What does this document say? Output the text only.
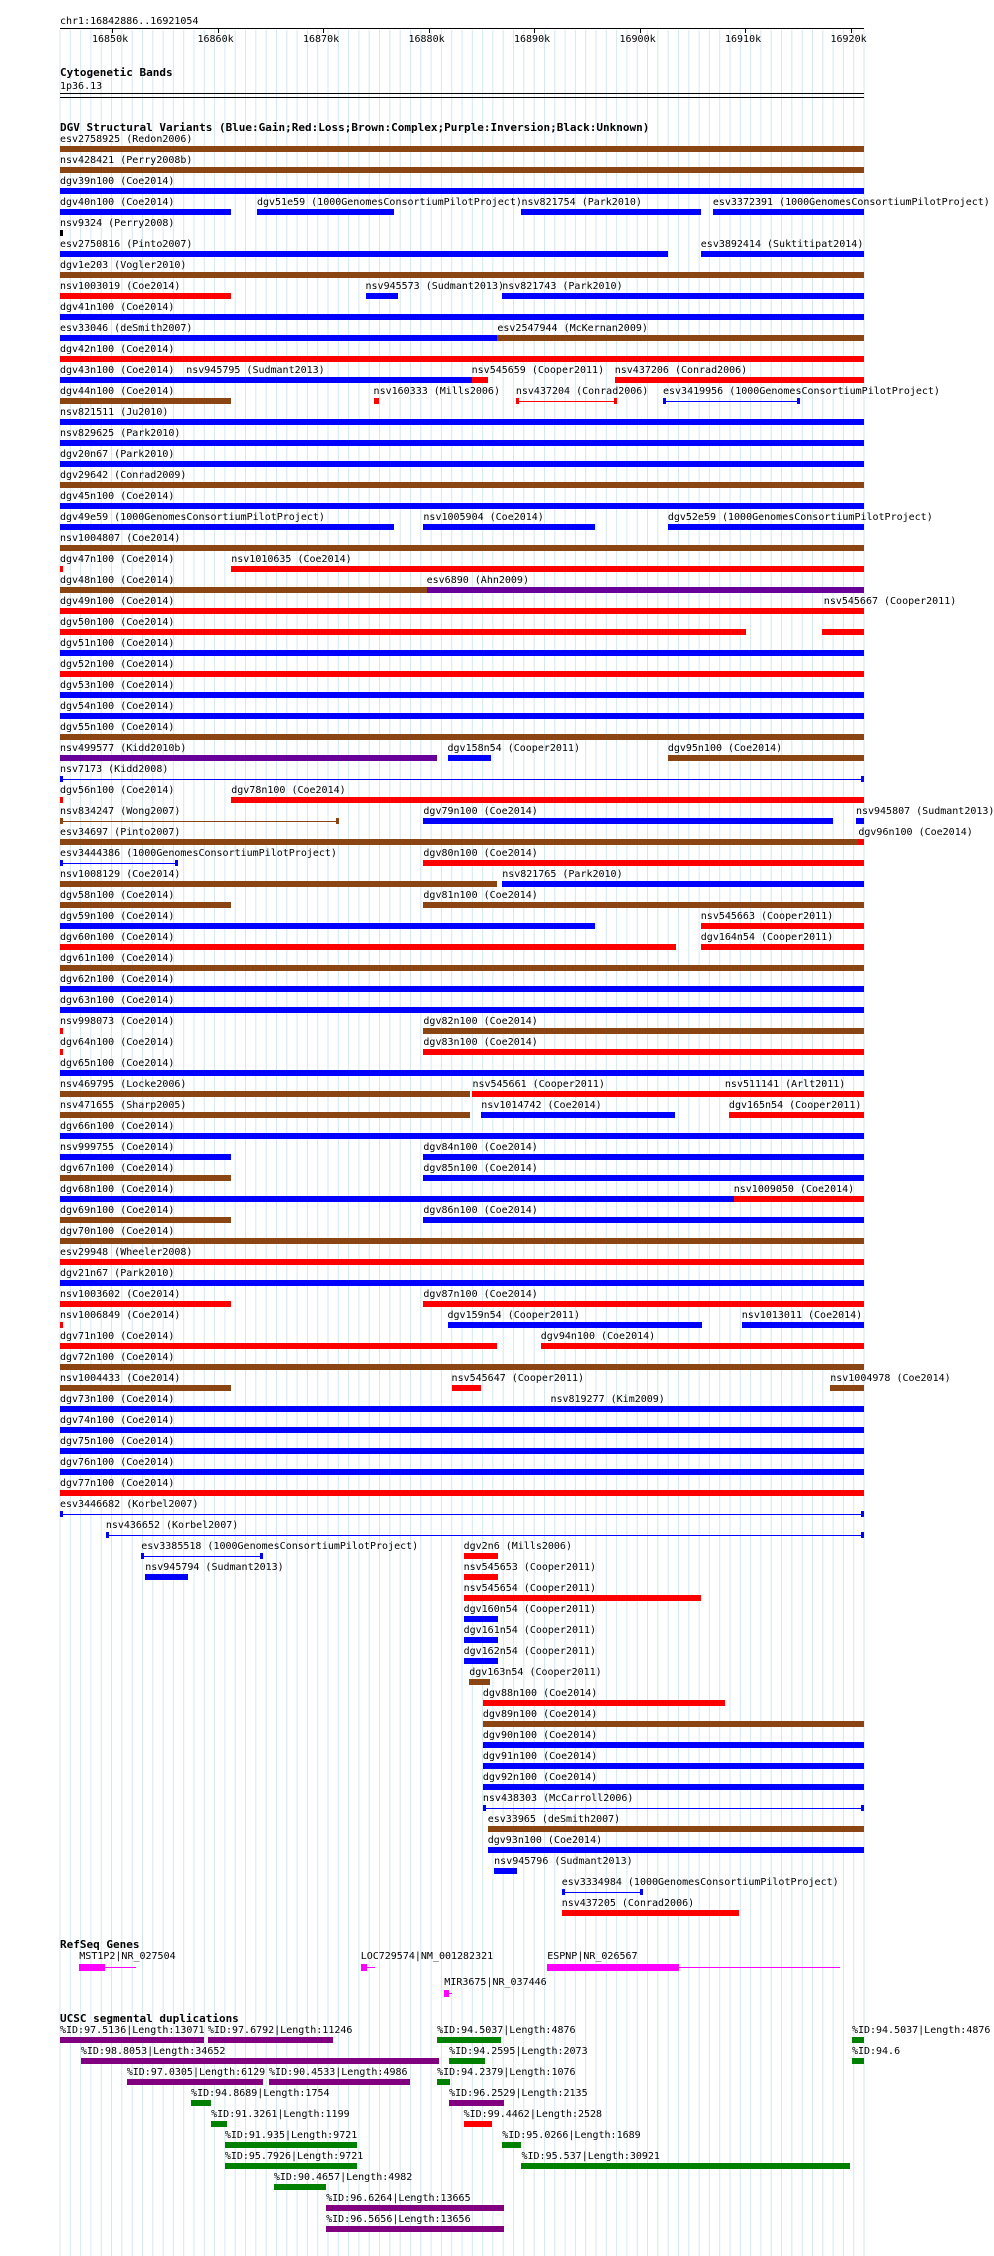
chr1:16842886..16921054
16850k	16860k	16870k	16880k	16890k	16900k	16910k	16920k
Cytogenetic Bands
1p36.13
DGV Structural Variants (Blue:Gain;Red:Loss;Brown:Complex;Purple:Inversion;Black:Unknown)
esv2758925 (Redon2006)
nsv428421 (Perry2008b)
dgv39n100 (Coe2014)
dgv40n100 (Coe2014)	dgv51e59 (1000GenomesConsortiumPilotProject) nsv821754 (Park2010)	esv3372391 (1000GenomesConsortiumPilotProject)
nsv9324 (Perry2008)
esv2750816 (Pinto2007)	esv3892414 (Suktitipat2014)
dgv1e203 (Vogler2010)
nsv1003019 (Coe2014)	nsv945573 (Sudmant2013)
nsv821743 (Park2010)
dgv41n100 (Coe2014)
esv33046 (deSmith2007)	esv2547944 (McKernan2009)
dgv42n100 (Coe2014)
dgv43n100 (Coe2014) nsv945795 (Sudmant2013)	nsv545659 (Cooper2011) nsv437206 (Conrad2006)
dgv44n100 (Coe2014)	nsv160333 (Mills2006) nsv437204 (Conrad2006) esv3419956 (1000GenomesConsortiumPilotProject)
nsv821511 (Ju2010)
nsv829625 (Park2010)
dgv20n67 (Park2010)
dgv29642 (Conrad2009)
dgv45n100 (Coe2014)
dgv49e59 (1000GenomesConsortiumPilotProject)	nsv1005904 (Coe2014)	dgv52e59 (1000GenomesConsortiumPilotProject)
nsv1004807 (Coe2014)
dgv47n100 (Coe2014)	nsv1010635 (Coe2014)
dgv48n100 (Coe2014)	esv6890 (Ahn2009)
dgv49n100 (Coe2014)	nsv545667 (Cooper2011)
dgv50n100 (Coe2014)
dgv51n100 (Coe2014)
dgv52n100 (Coe2014)
dgv53n100 (Coe2014)
dgv54n100 (Coe2014)
dgv55n100 (Coe2014)
nsv499577 (Kidd2010b)	dgv158n54 (Cooper2011)	dgv95n100 (Coe2014)
nsv7173 (Kidd2008)
dgv56n100 (Coe2014)	dgv78n100 (Coe2014)
nsv834247 (Wong2007)	dgv79n100 (Coe2014)	nsv945807 (Sudmant2013)
esv34697 (Pinto2007)	dgv96n100 (Coe2014)
esv3444386 (1000GenomesConsortiumPilotProject)	dgv80n100 (Coe2014)
nsv1008129 (Coe2014)	nsv821765 (Park2010)
dgv58n100 (Coe2014)	dgv81n100 (Coe2014)
dgv59n100 (Coe2014)	nsv545663 (Cooper2011)
dgv60n100 (Coe2014)	dgv164n54 (Cooper2011)
dgv61n100 (Coe2014)
dgv62n100 (Coe2014)
dgv63n100 (Coe2014)
nsv998073 (Coe2014)	dgv82n100 (Coe2014)
dgv64n100 (Coe2014)	dgv83n100 (Coe2014)
dgv65n100 (Coe2014)
nsv469795 (Locke2006)	nsv545661 (Cooper2011)	nsv511141 (Arlt2011)
nsv471655 (Sharp2005)	nsv1014742 (Coe2014)	dgv165n54 (Cooper2011)
dgv66n100 (Coe2014)
nsv999755 (Coe2014)	dgv84n100 (Coe2014)
dgv67n100 (Coe2014)	dgv85n100 (Coe2014)
dgv68n100 (Coe2014)	nsv1009050 (Coe2014)
dgv69n100 (Coe2014)	dgv86n100 (Coe2014)
dgv70n100 (Coe2014)
esv29948 (Wheeler2008)
dgv21n67 (Park2010)
nsv1003602 (Coe2014)	dgv87n100 (Coe2014)
nsv1006849 (Coe2014)	dgv159n54 (Cooper2011)	nsv1013011 (Coe2014)
dgv71n100 (Coe2014)	dgv94n100 (Coe2014)
dgv72n100 (Coe2014)
nsv1004433 (Coe2014)	nsv545647 (Cooper2011)	nsv1004978 (Coe2014)
dgv73n100 (Coe2014)	nsv819277 (Kim2009)
dgv74n100 (Coe2014)
dgv75n100 (Coe2014)
dgv76n100 (Coe2014)
dgv77n100 (Coe2014)
esv3446682 (Korbel2007)
nsv436652 (Korbel2007)
esv3385518 (1000GenomesConsortiumPilotProject)	dgv2n6 (Mills2006)
nsv945794 (Sudmant2013)	nsv545653 (Cooper2011)
nsv545654 (Cooper2011)
dgv160n54 (Cooper2011)
dgv161n54 (Cooper2011)
dgv162n54 (Cooper2011)
dgv163n54 (Cooper2011)
dgv88n100 (Coe2014)
dgv89n100 (Coe2014)
dgv90n100 (Coe2014)
dgv91n100 (Coe2014)
dgv92n100 (Coe2014)
nsv438303 (McCarroll2006)
esv33965 (deSmith2007)
dgv93n100 (Coe2014)
nsv945796 (Sudmant2013)
esv3334984 (1000GenomesConsortiumPilotProject)
nsv437205 (Conrad2006)
RefSeq Genes
MST1P2|NR_027504	LOC729574|NM_001282321	ESPNP|NR_026567
MIR3675|NR_037446
UCSC segmental duplications
%ID:97.5136|Length:13071 %ID:97.6792|Length:11246	%ID:94.5037|Length:4876	%ID:94.5037|Length:4876
%ID:98.8053|Length:34652	%ID:94.2595|Length:2073	%ID:94.6
%ID:97.0305|Length:6129 %ID:90.4533|Length:4986	%ID:94.2379|Length:1076
%ID:94.8689|Length:1754	%ID:96.2529|Length:2135
%ID:91.3261|Length:1199	%ID:99.4462|Length:2528
%ID:91.935|Length:9721	%ID:95.0266|Length:1689
%ID:95.7926|Length:9721	%ID:95.537|Length:30921
%ID:90.4657|Length:4982
%ID:96.6264|Length:13665
%ID:96.5656|Length:13656
